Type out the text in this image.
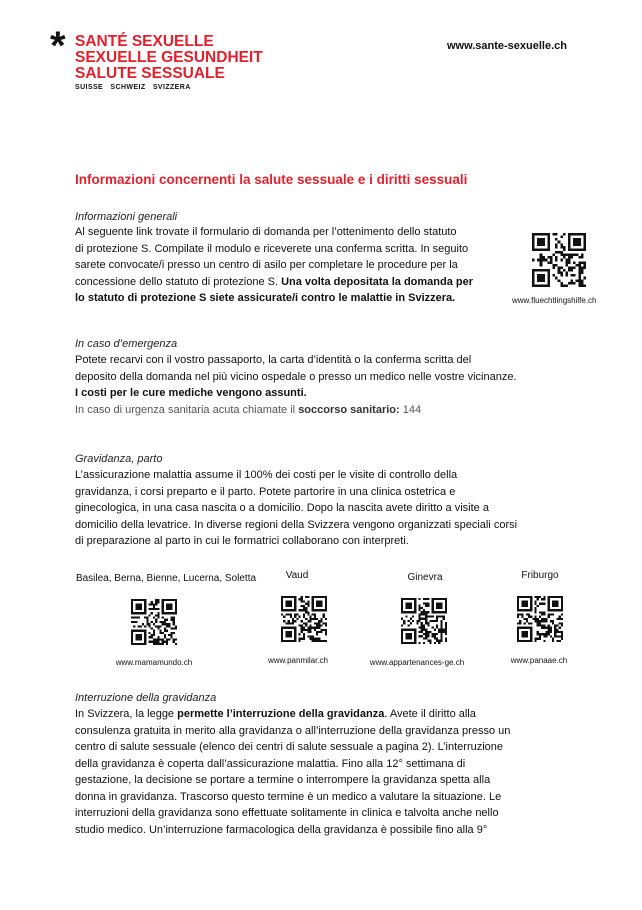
* SANTÉ SEXUELLE
SEXUELLE GESUNDHEIT
SALUTE SESSUALE
SUISSE SCHWEIZ SVIZZERA
www.sante-sexuelle.ch
Informazioni concernenti la salute sessuale e i diritti sessuali
Informazioni generali
Al seguente link trovate il formulario di domanda per l’ottenimento dello statuto
di protezione S. Compilate il modulo e riceverete una conferma scritta. In seguito
sarete convocate/i presso un centro di asilo per completare le procedure per la
concessione dello statuto di protezione S. Una volta depositata la domanda per
lo statuto di protezione S siete assicurate/i contro le malattie in Svizzera.	www.fluechtlingshilfe.ch
In caso d’emergenza
Potete recarvi con il vostro passaporto, la carta d’identità o la conferma scritta del
deposito della domanda nel più vicino ospedale o presso un medico nelle vostre vicinanze.
I costi per le cure mediche vengono assunti.
In caso di urgenza sanitaria acuta chiamate il soccorso sanitario: 144
Gravidanza, parto
L’assicurazione malattia assume il 100% dei costi per le visite di controllo della
gravidanza, i corsi preparto e il parto. Potete partorire in una clinica ostetrica e
ginecologica, in una casa nascita o a domicilio. Dopo la nascita avete diritto a visite a
domicilio della levatrice. In diverse regioni della Svizzera vengono organizzati speciali corsi
di preparazione al parto in cui le formatrici collaborano con interpreti.
Basilea, Berna, Bienne, Lucerna, Soletta	Vaud	Ginevra	Friburgo
www.mamamundo.ch	www.panmilar.ch	www.appartenances-ge.ch	www.panaae.ch
Interruzione della gravidanza
In Svizzera, la legge permette l’interruzione della gravidanza. Avete il diritto alla
consulenza gratuita in merito alla gravidanza o all’interruzione della gravidanza presso un
centro di salute sessuale (elenco dei centri di salute sessuale a pagina 2). L’interruzione
della gravidanza è coperta dall’assicurazione malattia. Fino alla 12° settimana di
gestazione, la decisione se portare a termine o interrompere la gravidanza spetta alla
donna in gravidanza. Trascorso questo termine è un medico a valutare la situazione. Le
interruzioni della gravidanza sono effettuate solitamente in clinica e talvolta anche nello
studio medico. Un’interruzione farmacologica della gravidanza è possibile fino alla 9°
